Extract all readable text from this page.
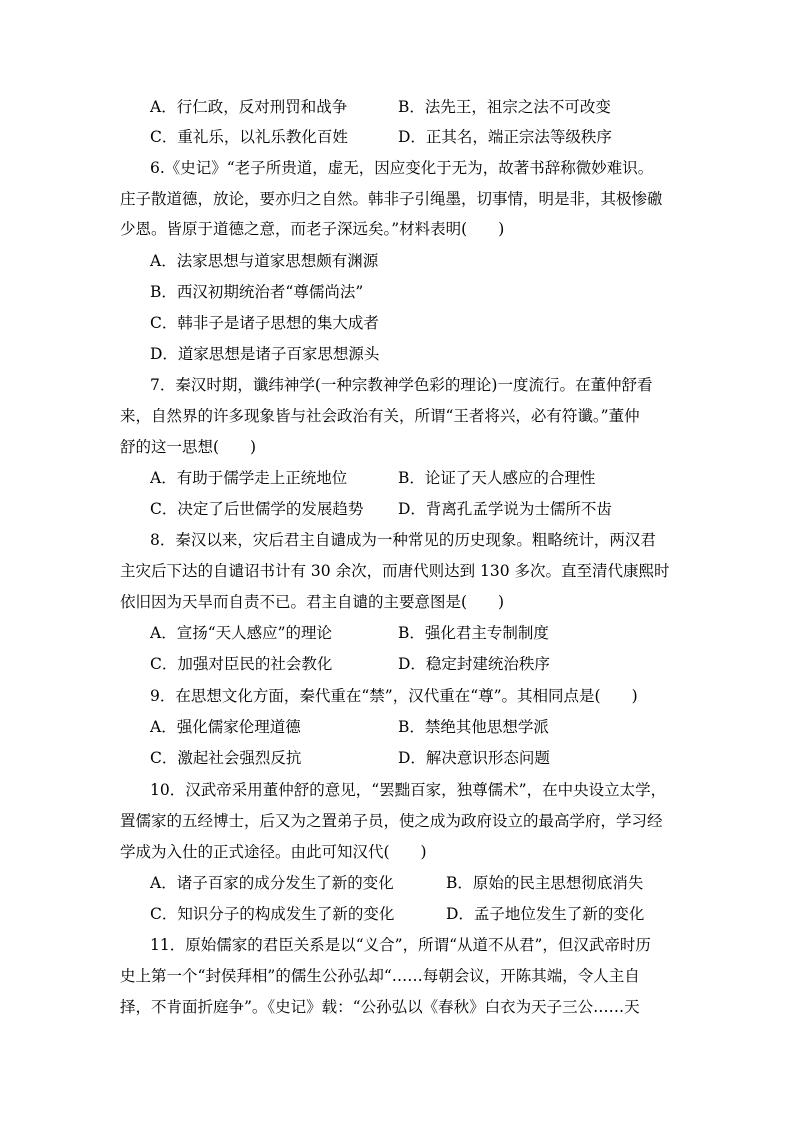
A．行仁政，反对刑罚和战争	B．法先王，祖宗之法不可改变
C．重礼乐，以礼乐教化百姓	D．正其名，端正宗法等级秩序
6.《史记》“老子所贵道，虚无，因应变化于无为，故著书辞称微妙难识。
庄子散道德，放论，要亦归之自然。韩非子引绳墨，切事情，明是非，其极惨礉
少恩。皆原于道德之意，而老子深远矣。”材料表明(　　)
A．法家思想与道家思想颇有渊源
B．西汉初期统治者“尊儒尚法”
C．韩非子是诸子思想的集大成者
D．道家思想是诸子百家思想源头
7．秦汉时期，谶纬神学(一种宗教神学色彩的理论)一度流行。在董仲舒看
来，自然界的许多现象皆与社会政治有关，所谓“王者将兴，必有符谶。”董仲
舒的这一思想(　　)
A．有助于儒学走上正统地位	B．论证了天人感应的合理性
C．决定了后世儒学的发展趋势 D．背离孔孟学说为士儒所不齿
8．秦汉以来，灾后君主自谴成为一种常见的历史现象。粗略统计，两汉君
主灾后下达的自谴诏书计有 30 余次，而唐代则达到 130 多次。直至清代康熙时
依旧因为天旱而自责不已。君主自谴的主要意图是(　　)
A．宣扬“天人感应”的理论	B．强化君主专制制度
C．加强对臣民的社会教化	D．稳定封建统治秩序
9．在思想文化方面，秦代重在“禁”，汉代重在“尊”。其相同点是(　　)
A．强化儒家伦理道德	B．禁绝其他思想学派
C．激起社会强烈反抗	D．解决意识形态问题
10．汉武帝采用董仲舒的意见，“罢黜百家，独尊儒术”，在中央设立太学，
置儒家的五经博士，后又为之置弟子员，使之成为政府设立的最高学府，学习经
学成为入仕的正式途径。由此可知汉代(　　)
A．诸子百家的成分发生了新的变化	B．原始的民主思想彻底消失
C．知识分子的构成发生了新的变化	D．孟子地位发生了新的变化
11．原始儒家的君臣关系是以“义合”，所谓“从道不从君”，但汉武帝时历
史上第一个“封侯拜相”的儒生公孙弘却“……每朝会议，开陈其端，令人主自
择，不肯面折庭争”。《史记》载：“公孙弘以《春秋》白衣为天子三公……天
